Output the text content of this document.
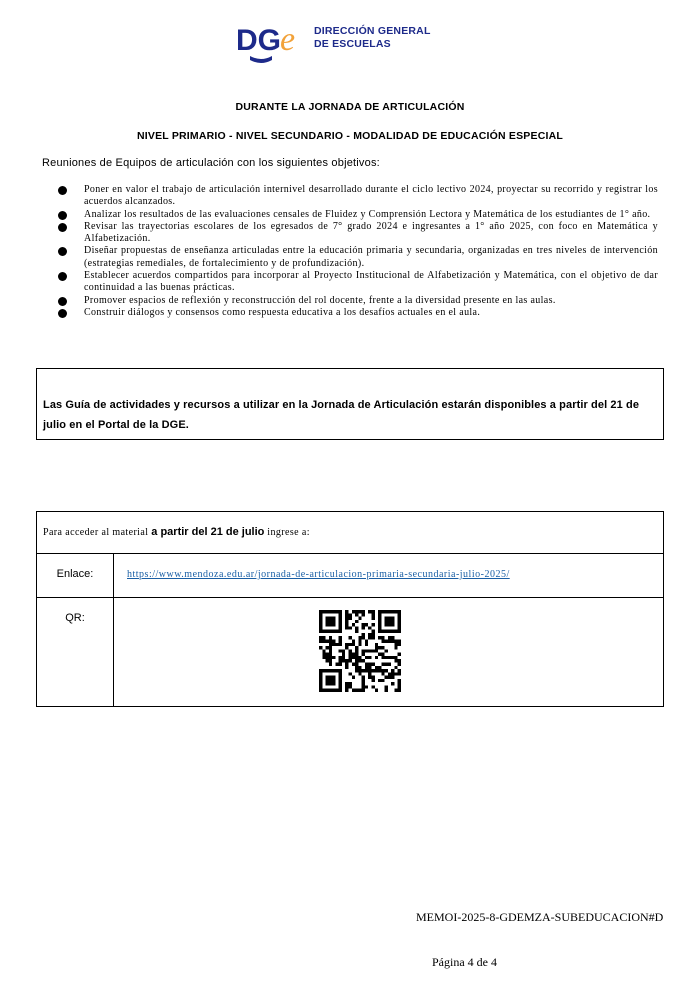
DG e DIRECCIÓN GENERAL
DE ESCUELAS
DURANTE LA JORNADA DE ARTICULACIÓN
NIVEL PRIMARIO - NIVEL SECUNDARIO - MODALIDAD DE EDUCACIÓN ESPECIAL
Reuniones de Equipos de articulación con los siguientes objetivos:
Poner en valor el trabajo de articulación internivel desarrollado durante el ciclo lectivo 2024, proyectar su recorrido y registrar los acuerdos alcanzados.
Analizar los resultados de las evaluaciones censales de Fluidez y Comprensión Lectora y Matemática de los estudiantes de 1° año.
Revisar las trayectorias escolares de los egresados de 7° grado 2024 e ingresantes a 1° año 2025, con foco en Matemática y Alfabetización.
Diseñar propuestas de enseñanza articuladas entre la educación primaria y secundaria, organizadas en tres niveles de intervención (estrategias remediales, de fortalecimiento y de profundización).
Establecer acuerdos compartidos para incorporar al Proyecto Institucional de Alfabetización y Matemática, con el objetivo de dar continuidad a las buenas prácticas.
Promover espacios de reflexión y reconstrucción del rol docente, frente a la diversidad presente en las aulas.
Construir diálogos y consensos como respuesta educativa a los desafíos actuales en el aula.
Las Guía de actividades y recursos a utilizar en la Jornada de Articulación estarán disponibles a partir del 21 de julio en el Portal de la DGE.
Para acceder al material a partir del 21 de julio ingrese a:
Enlace:	https://www.mendoza.edu.ar/jornada-de-articulacion-primaria-secundaria-julio-2025/
QR:
MEMOI-2025-8-GDEMZA-SUBEDUCACION#D
Página 4 de 4
